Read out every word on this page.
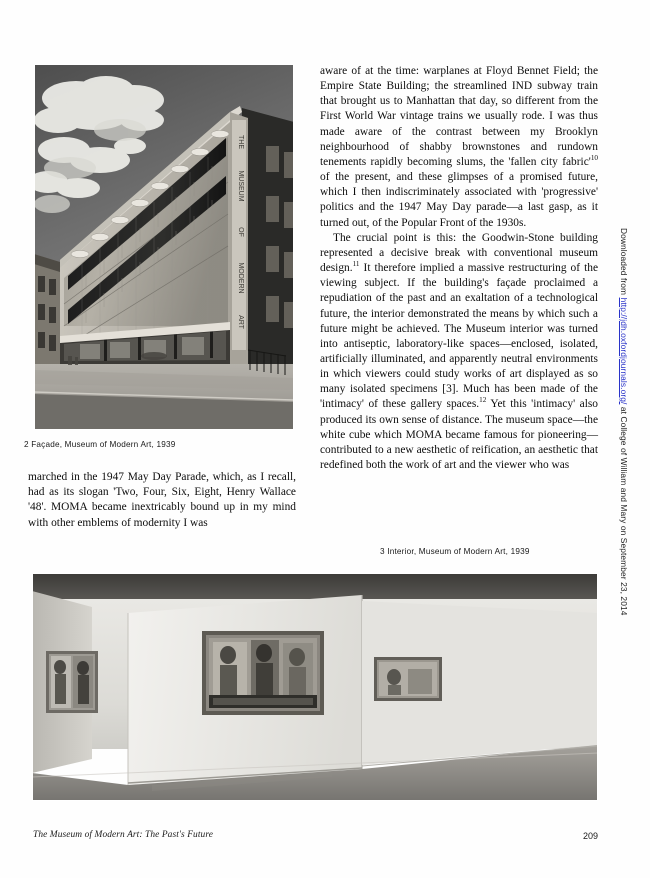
THE
MUSEUM
OF
MODERN
ART
2 Façade, Museum of Modern Art, 1939

marched in the 1947 May Day Parade, which, as I recall, had as its slogan 'Two, Four, Six, Eight, Henry Wallace '48'. MOMA became inextricably bound up in my mind with other emblems of modernity I was

aware of at the time: warplanes at Floyd Bennet Field; the Empire State Building; the streamlined IND subway train that brought us to Manhattan that day, so different from the First World War vintage trains we usually rode. I was thus made aware of the contrast between my Brooklyn neighbourhood of shabby brownstones and rundown tenements rapidly becoming slums, the 'fallen city $fabric'^{10}$ of the present, and these glimpses of a promised future, which I then indiscriminately associated with 'progressive' politics and the 1947 May Day parade—a last gasp, as it turned out, of the Popular Front of the 1930s.

The crucial point is this: the Goodwin-Stone building represented a decisive break with conventional museum design.$^{11}$ It therefore implied a massive restructuring of the viewing subject. If the building's façade proclaimed a repudiation of the past and an exaltation of a technological future, the interior demonstrated the means by which such a future might be achieved. The Museum interior was turned into antiseptic, laboratory-like spaces—enclosed, isolated, artificially illuminated, and apparently neutral environments in which viewers could study works of art displayed as so many isolated specimens [3]. Much has been made of the 'intimacy' of these gallery spaces.$^{12}$ Yet this 'intimacy' also produced its own sense of distance. The museum space—the white cube which MOMA became famous for pioneering—contributed to a new aesthetic of reification, an aesthetic that redefined both the work of art and the viewer who was

3 Interior, Museum of Modern Art, 1939
The Museum of Modern Art: The Past's Future	209
Downloaded from http://jdh.oxfordjournals.org/ at College of William and Mary on September 23, 2014
